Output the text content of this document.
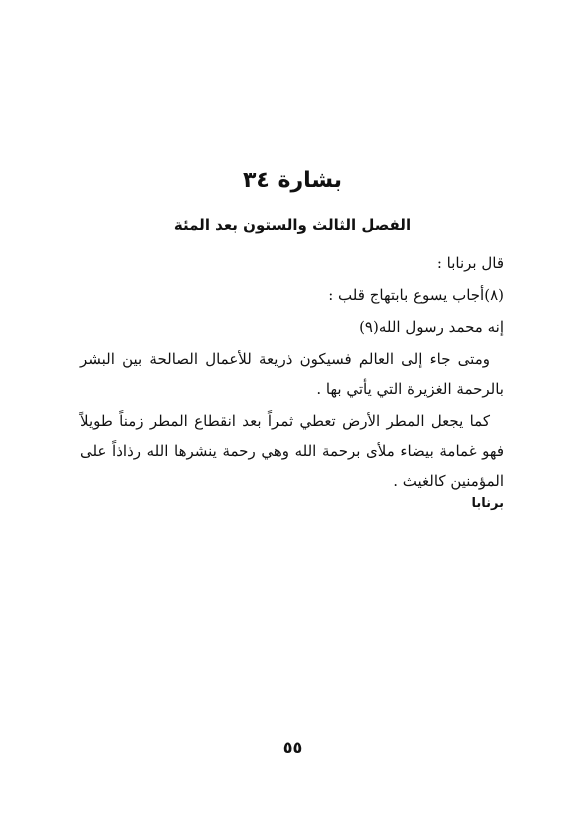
بشارة ٣٤
الفصل الثالث والستون بعد المئة

قال برنابا :

(٨)أجاب يسوع بابتهاج قلب :

إنه محمد رسول الله(٩)

ومتى جاء إلى العالم فسيكون ذريعة للأعمال الصالحة بين البشر بالرحمة الغزيرة التي يأتي بها .

كما يجعل المطر الأرض تعطي ثمراً بعد انقطاع المطر زمناً طويلاً فهو غمامة بيضاء ملأى برحمة الله وهي رحمة ينشرها الله رذاذاً على المؤمنين كالغيث .

برنابا
٥٥
